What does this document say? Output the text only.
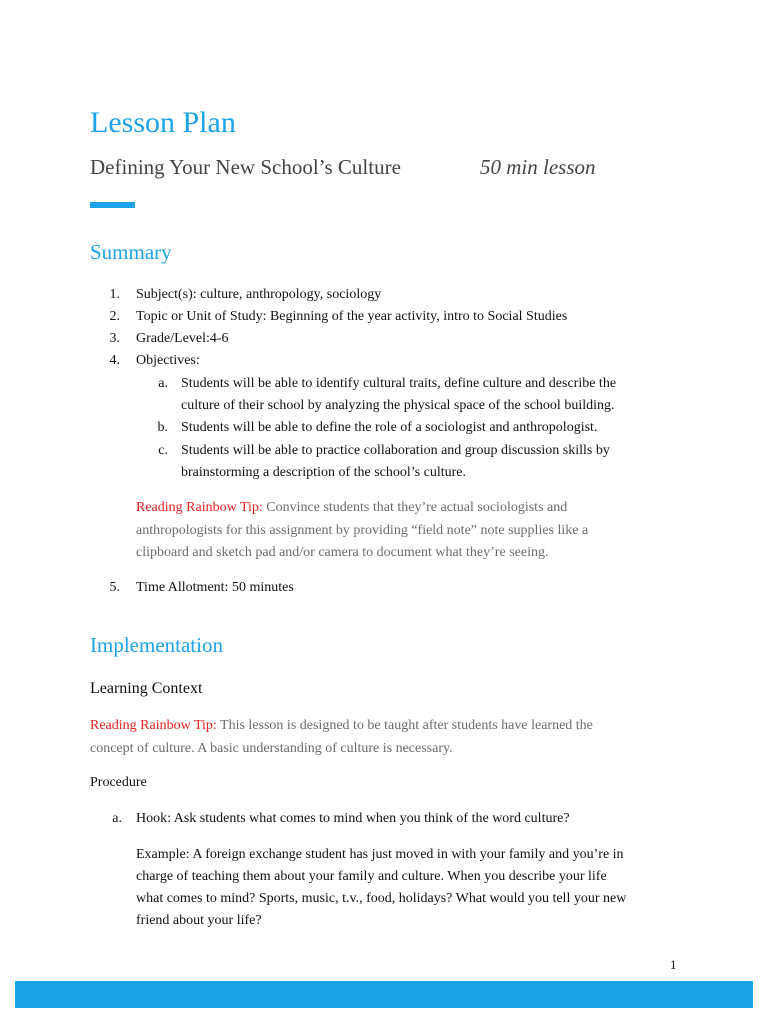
Lesson Plan
Defining Your New School’s Culture	50 min lesson
Summary
1. Subject(s): culture, anthropology, sociology
2. Topic or Unit of Study: Beginning of the year activity, intro to Social Studies
3. Grade/Level:4-6
4. Objectives:
a. Students will be able to identify cultural traits, define culture and describe the
culture of their school by analyzing the physical space of the school building.
b. Students will be able to define the role of a sociologist and anthropologist.
c. Students will be able to practice collaboration and group discussion skills by
brainstorming a description of the school’s culture.
Reading Rainbow Tip: Convince students that they’re actual sociologists and
anthropologists for this assignment by providing “field note” note supplies like a
clipboard and sketch pad and/or camera to document what they’re seeing.
5. Time Allotment: 50 minutes
Implementation
Learning Context
Reading Rainbow Tip: This lesson is designed to be taught after students have learned the
concept of culture. A basic understanding of culture is necessary.
Procedure
a. Hook: Ask students what comes to mind when you think of the word culture?
Example: A foreign exchange student has just moved in with your family and you’re in
charge of teaching them about your family and culture. When you describe your life
what comes to mind? Sports, music, t.v., food, holidays? What would you tell your new
friend about your life?
1
